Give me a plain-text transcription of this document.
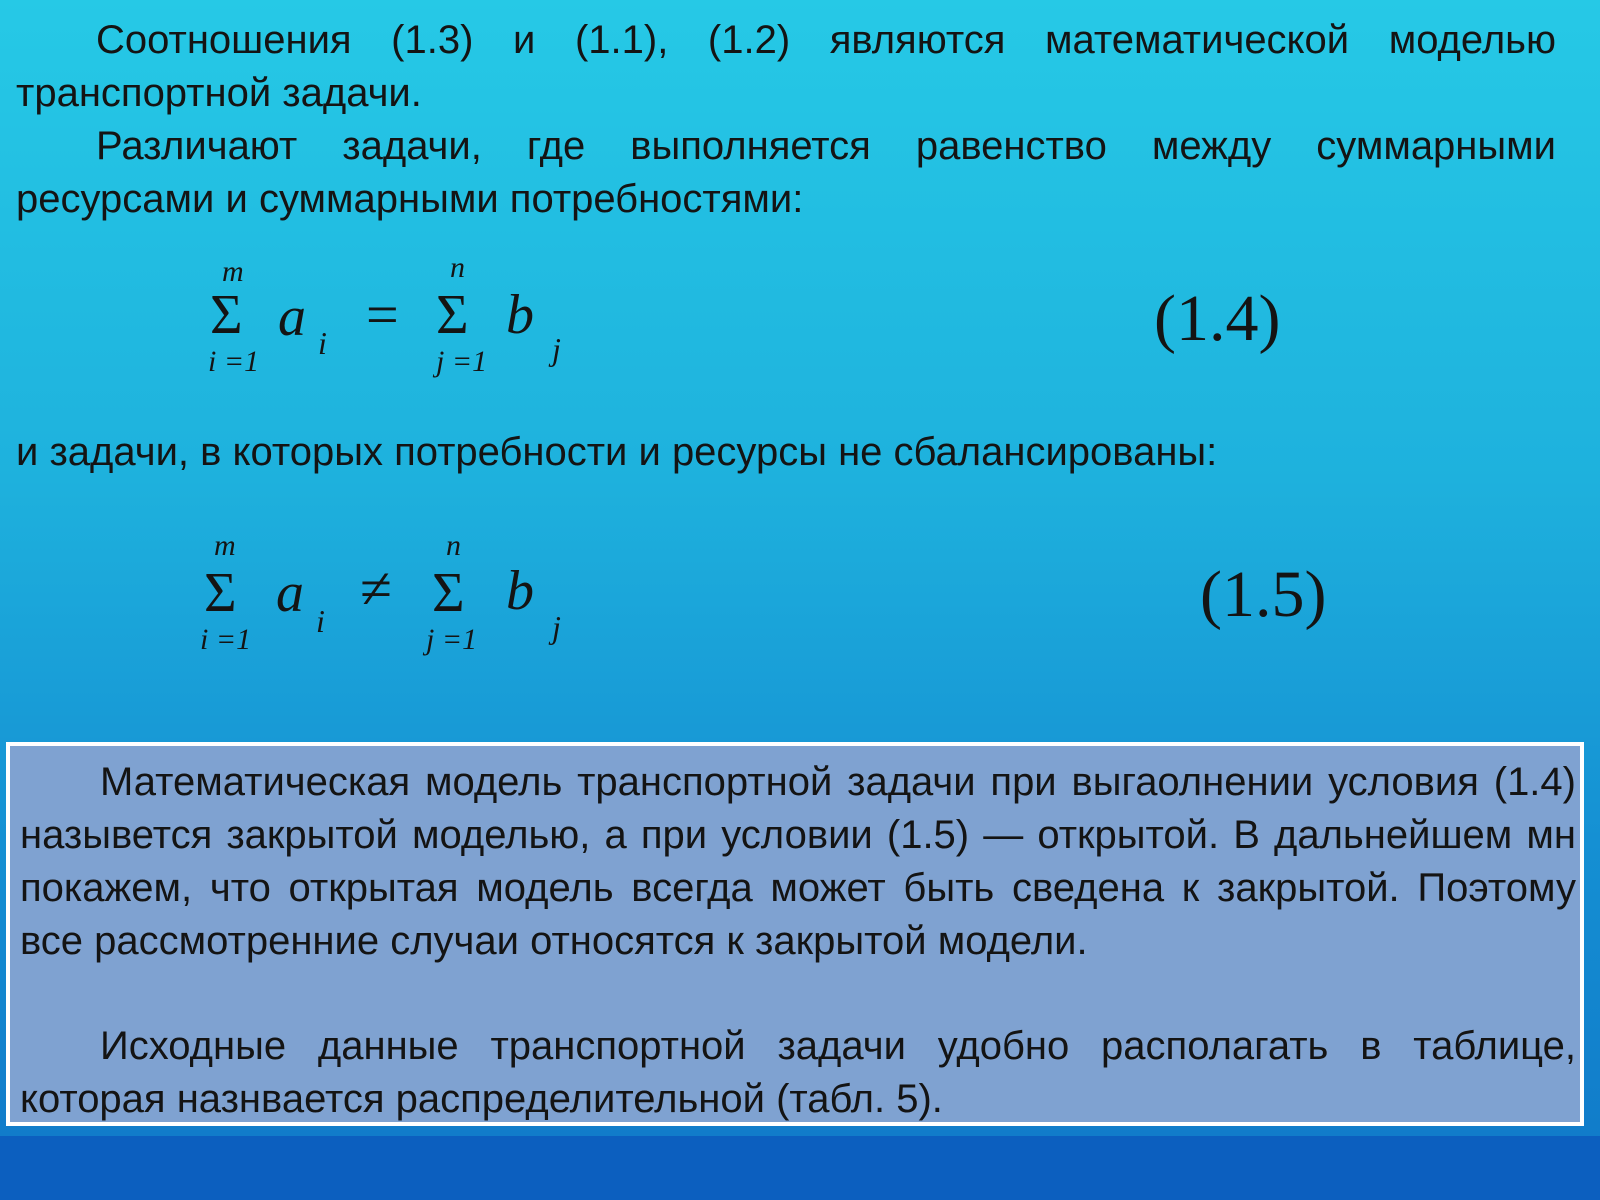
Соотношения (1.3) и (1.1), (1.2) являются математической моделью транспортной задачи.

Различают задачи, где выполняется равенство между суммарными ресурсами и суммарными потребностями:

m
Σ
i =1
a i =
n
Σ
j =1
b
j	(1.4)

и задачи, в которых потребности и ресурсы не сбалансированы:

m
Σ
i =1
a i ≠
n
Σ
j =1
b
j	(1.5)

Математическая модель транспортной задачи при выгаолнении условия (1.4) назывется закрытой моделью, а при условии (1.5) — открытой. В дальнейшем мн покажем, что открытая модель всегда может быть сведена к закрытой. Поэтому все рассмотренние случаи относятся к закрытой модели.

Исходные данные транспортной задачи удобно располагать в таблице, которая назнвается распределительной (табл. 5).
